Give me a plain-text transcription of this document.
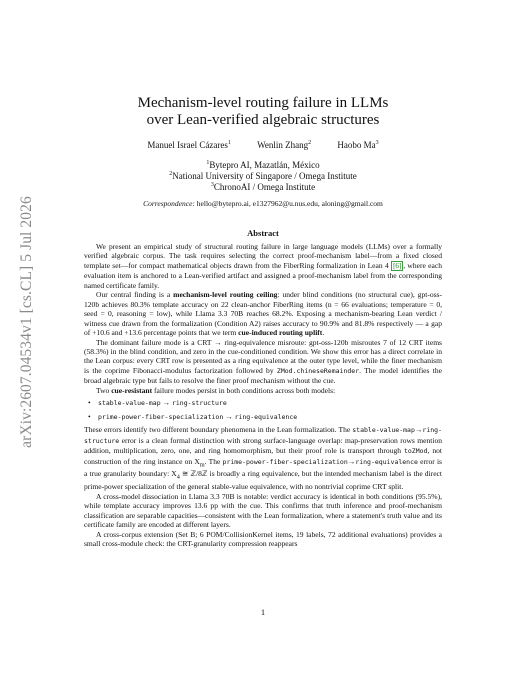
arXiv:2607.04534v1 [cs.CL] 5 Jul 2026
Mechanism-level routing failure in LLMs
over Lean-verified algebraic structures
Manuel Israel Cázares$^1$	Wenlin Zhang$^2$	Haobo Ma$^3$
$^1$Bytepro AI, Mazatlán, México
$^2$National University of Singapore / Omega Institute
$^3$ChronoAI / Omega Institute
Correspondence: hello@bytepro.ai, e1327962@u.nus.edu, aloning@gmail.com
Abstract

We present an empirical study of structural routing failure in large language models (LLMs) over a formally verified algebraic corpus. The task requires selecting the correct proof-mechanism label—from a fixed closed template set—for compact mathematical objects drawn from the FiberRing formalization in Lean 4 [6] , where each evaluation item is anchored to a Lean-verified artifact and assigned a proof-mechanism label from the corresponding named certificate family.

Our central finding is a mechanism-level routing ceiling: under blind conditions (no structural cue), gpt-oss-120b achieves 80.3% template accuracy on 22 clean-anchor FiberRing items (n = 66 evaluations; temperature = 0, seed = 0, reasoning = low), while Llama 3.3 70B reaches 68.2%. Exposing a mechanism-bearing Lean verdict / witness cue drawn from the formalization (Condition A2) raises accuracy to 90.9% and 81.8% respectively — a gap of +10.6 and +13.6 percentage points that we term cue-induced routing uplift.

The dominant failure mode is a CRT → ring-equivalence misroute: gpt-oss-120b misroutes 7 of 12 CRT items (58.3%) in the blind condition, and zero in the cue-conditioned condition. We show this error has a direct correlate in the Lean corpus: every CRT row is presented as a ring equivalence at the outer type level, while the finer mechanism is the coprime Fibonacci-modulus factorization followed by ZMod.chineseRemainder. The model identifies the broad algebraic type but fails to resolve the finer proof mechanism without the cue.

Two cue-resistant failure modes persist in both conditions across both models:

• stable-value-map → ring-structure
• prime-power-fiber-specialization → ring-equivalence

These errors identify two different boundary phenomena in the Lean formalization. The stable-value-map→ring-structure error is a clean formal distinction with strong surface-language overlap: map-preservation rows mention addition, multiplication, zero, one, and ring homomorphism, but their proof role is transport through toZMod, not construction of the ring instance on $X_m$. The prime-power-fiber-specialization→ring-equivalence error is a true granularity boundary: $X_4$ ≅ ℤ/8ℤ is broadly a ring equivalence, but the intended mechanism label is the direct prime-power specialization of the general stable-value equivalence, with no nontrivial coprime CRT split.

A cross-model dissociation in Llama 3.3 70B is notable: verdict accuracy is identical in both conditions (95.5%), while template accuracy improves 13.6 pp with the cue. This confirms that truth inference and proof-mechanism classification are separable capacities—consistent with the Lean formalization, where a statement's truth value and its certificate family are encoded at different layers.

A cross-corpus extension (Set B; 6 POM/CollisionKernel items, 19 labels, 72 additional evaluations) provides a small cross-module check: the CRT-granularity compression reappears

1
